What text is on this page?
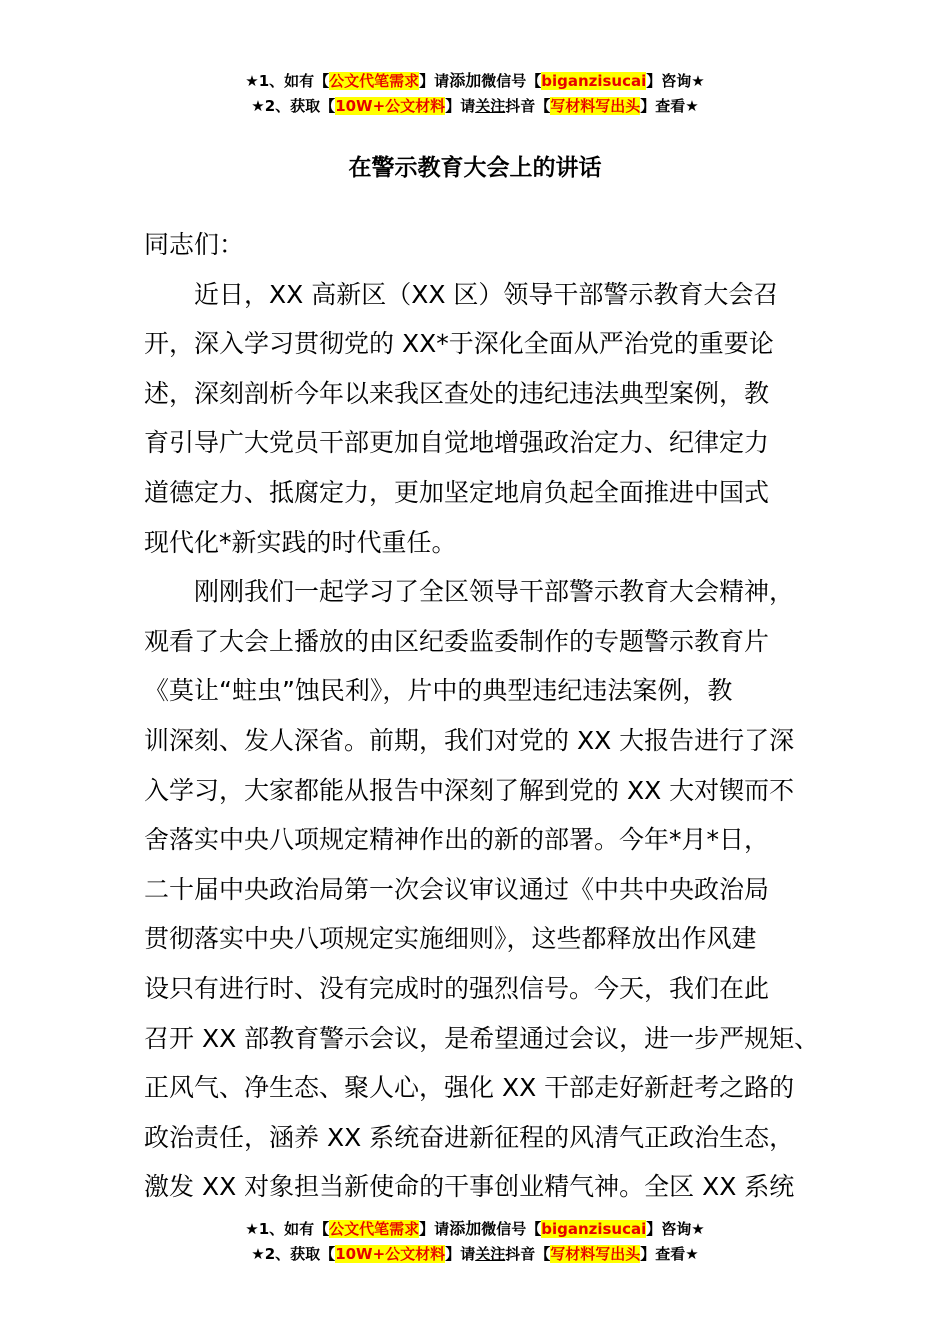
★1、如有【公文代笔需求】请添加微信号【biganzisucai】咨询★
★2、获取【10W+公文材料】请关注抖音【写材料写出头】查看★
在警示教育大会上的讲话
同志们：
近日，XX 高新区（XX 区）领导干部警示教育大会召
开，深入学习贯彻党的 XX*于深化全面从严治党的重要论
述，深刻剖析今年以来我区查处的违纪违法典型案例，教
育引导广大党员干部更加自觉地增强政治定力、纪律定力
道德定力、抵腐定力，更加坚定地肩负起全面推进中国式
现代化*新实践的时代重任。
刚刚我们一起学习了全区领导干部警示教育大会精神，
观看了大会上播放的由区纪委监委制作的专题警示教育片
《莫让“蛀虫”蚀民利》，片中的典型违纪违法案例，教
训深刻、发人深省。前期，我们对党的 XX 大报告进行了深
入学习，大家都能从报告中深刻了解到党的 XX 大对锲而不
舍落实中央八项规定精神作出的新的部署。今年*月*日，
二十届中央政治局第一次会议审议通过《中共中央政治局
贯彻落实中央八项规定实施细则》，这些都释放出作风建
设只有进行时、没有完成时的强烈信号。今天，我们在此
召开 XX 部教育警示会议，是希望通过会议，进一步严规矩、
正风气、净生态、聚人心，强化 XX 干部走好新赶考之路的
政治责任，涵养 XX 系统奋进新征程的风清气正政治生态，
激发 XX 对象担当新使命的干事创业精气神。全区 XX 系统
★1、如有【公文代笔需求】请添加微信号【biganzisucai】咨询★
★2、获取【10W+公文材料】请关注抖音【写材料写出头】查看★
